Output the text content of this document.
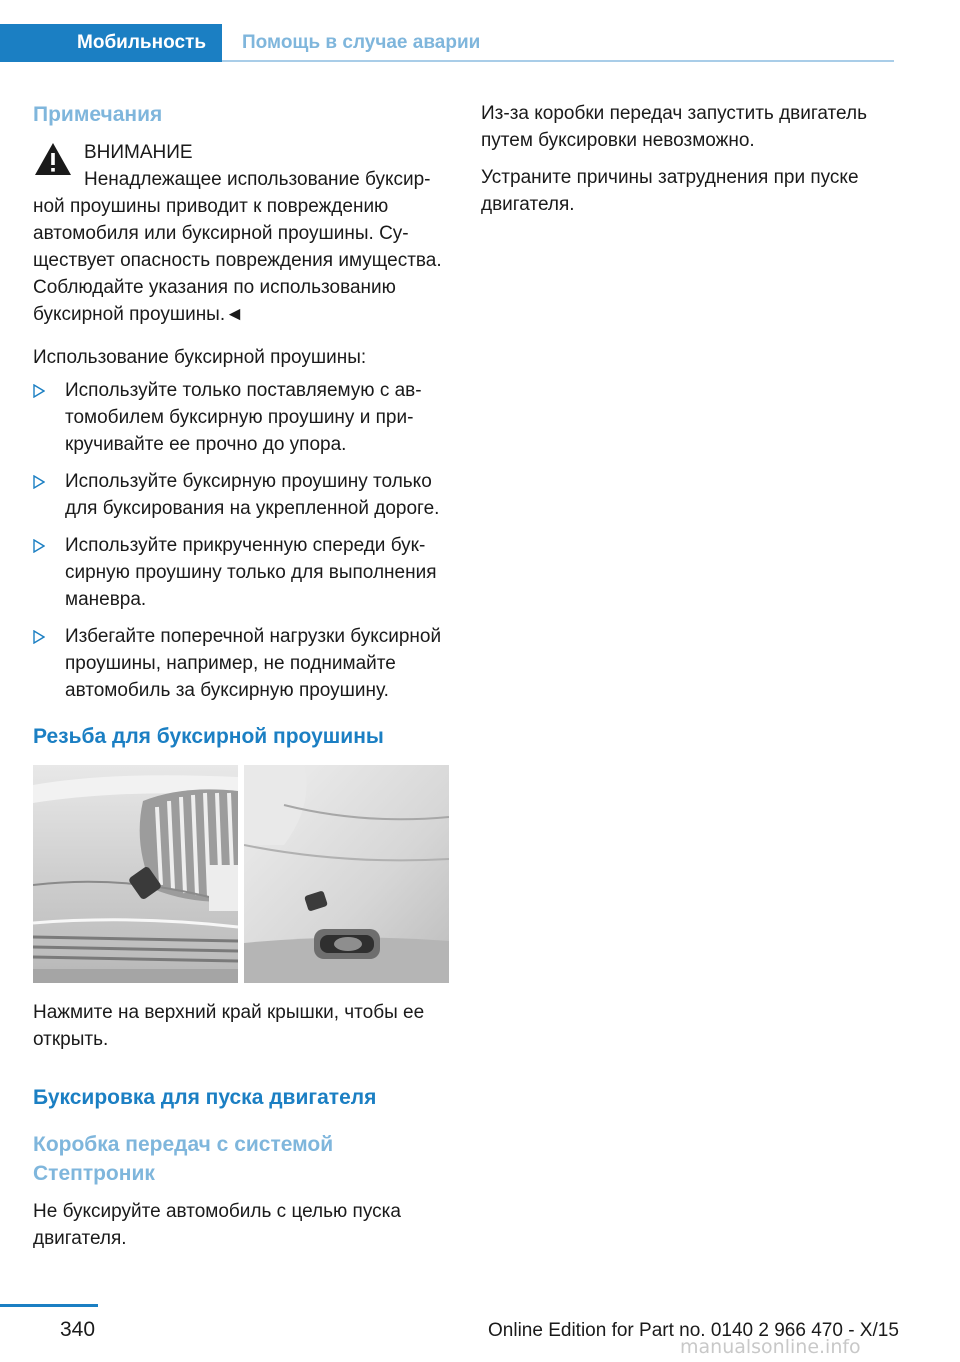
Мобильность Помощь в случае аварии
Примечания
ВНИМАНИЕ
Ненадлежащее использование буксир-
ной проушины приводит к повреждению автомобиля или буксирной проушины. Существует опасность повреждения имущества. Соблюдайте указания по использованию буксирной проушины.◄
Использование буксирной проушины:
Используйте только поставляемую с автомобилем буксирную проушину и прикручивайте ее прочно до упора.
Используйте буксирную проушину только для буксирования на укрепленной дороге.
Используйте прикрученную спереди буксирную проушину только для выполнения маневра.
Избегайте поперечной нагрузки буксирной проушины, например, не поднимайте автомобиль за буксирную проушину.
Резьба для буксирной проушины
Нажмите на верхний край крышки, чтобы ее открыть.
Буксировка для пуска двигателя
Коробка передач с системой Стептроник
Не буксируйте автомобиль с целью пуска двигателя.
Из-за коробки передач запустить двигатель путем буксировки невозможно.
Устраните причины затруднения при пуске двигателя.
340	Online Edition for Part no. 0140 2 966 470 - X/15
manualsonline.info
